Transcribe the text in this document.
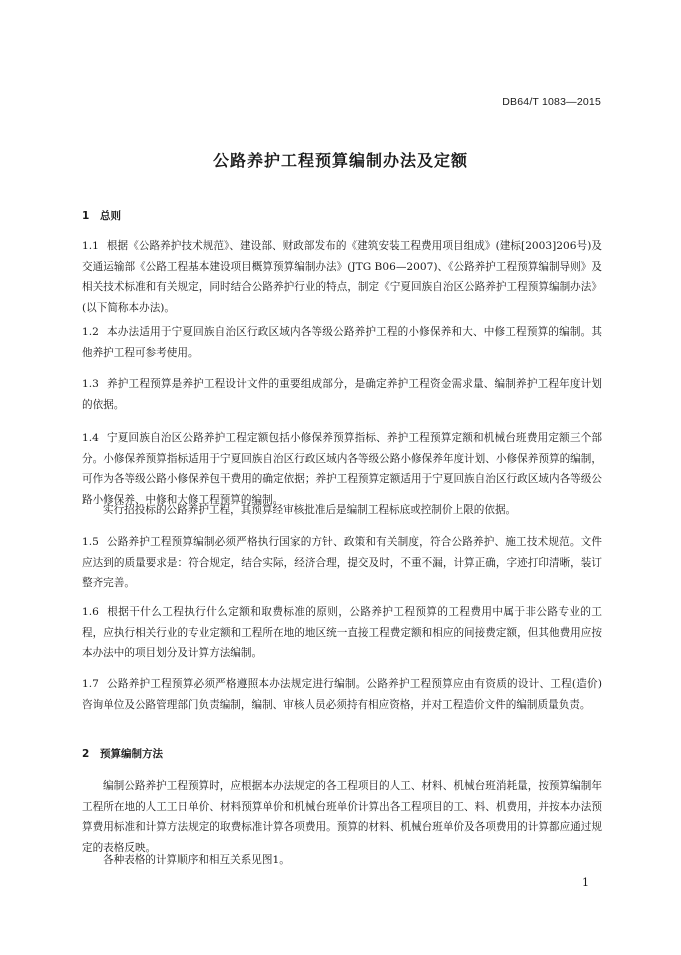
DB64/T 1083—2015
公路养护工程预算编制办法及定额
1 总则
1.1 根据《公路养护技术规范》、建设部、财政部发布的《建筑安装工程费用项目组成》(建标[2003]206号)及交通运输部《公路工程基本建设项目概算预算编制办法》(JTG B06—2007)、《公路养护工程预算编制导则》及相关技术标准和有关规定，同时结合公路养护行业的特点，制定《宁夏回族自治区公路养护工程预算编制办法》(以下简称本办法)。
1.2 本办法适用于宁夏回族自治区行政区域内各等级公路养护工程的小修保养和大、中修工程预算的编制。其他养护工程可参考使用。
1.3 养护工程预算是养护工程设计文件的重要组成部分，是确定养护工程资金需求量、编制养护工程年度计划的依据。
1.4 宁夏回族自治区公路养护工程定额包括小修保养预算指标、养护工程预算定额和机械台班费用定额三个部分。小修保养预算指标适用于宁夏回族自治区行政区域内各等级公路小修保养年度计划、小修保养预算的编制，可作为各等级公路小修保养包干费用的确定依据；养护工程预算定额适用于宁夏回族自治区行政区域内各等级公路小修保养、中修和大修工程预算的编制。
实行招投标的公路养护工程，其预算经审核批准后是编制工程标底或控制价上限的依据。
1.5 公路养护工程预算编制必须严格执行国家的方针、政策和有关制度，符合公路养护、施工技术规范。文件应达到的质量要求是：符合规定，结合实际，经济合理，提交及时，不重不漏，计算正确，字迹打印清晰，装订整齐完善。
1.6 根据干什么工程执行什么定额和取费标准的原则，公路养护工程预算的工程费用中属于非公路专业的工程，应执行相关行业的专业定额和工程所在地的地区统一直接工程费定额和相应的间接费定额，但其他费用应按本办法中的项目划分及计算方法编制。
1.7 公路养护工程预算必须严格遵照本办法规定进行编制。公路养护工程预算应由有资质的设计、工程(造价)咨询单位及公路管理部门负责编制，编制、审核人员必须持有相应资格，并对工程造价文件的编制质量负责。
2 预算编制方法
编制公路养护工程预算时，应根据本办法规定的各工程项目的人工、材料、机械台班消耗量，按预算编制年工程所在地的人工工日单价、材料预算单价和机械台班单价计算出各工程项目的工、料、机费用，并按本办法预算费用标准和计算方法规定的取费标准计算各项费用。预算的材料、机械台班单价及各项费用的计算都应通过规定的表格反映。
各种表格的计算顺序和相互关系见图1。
1
